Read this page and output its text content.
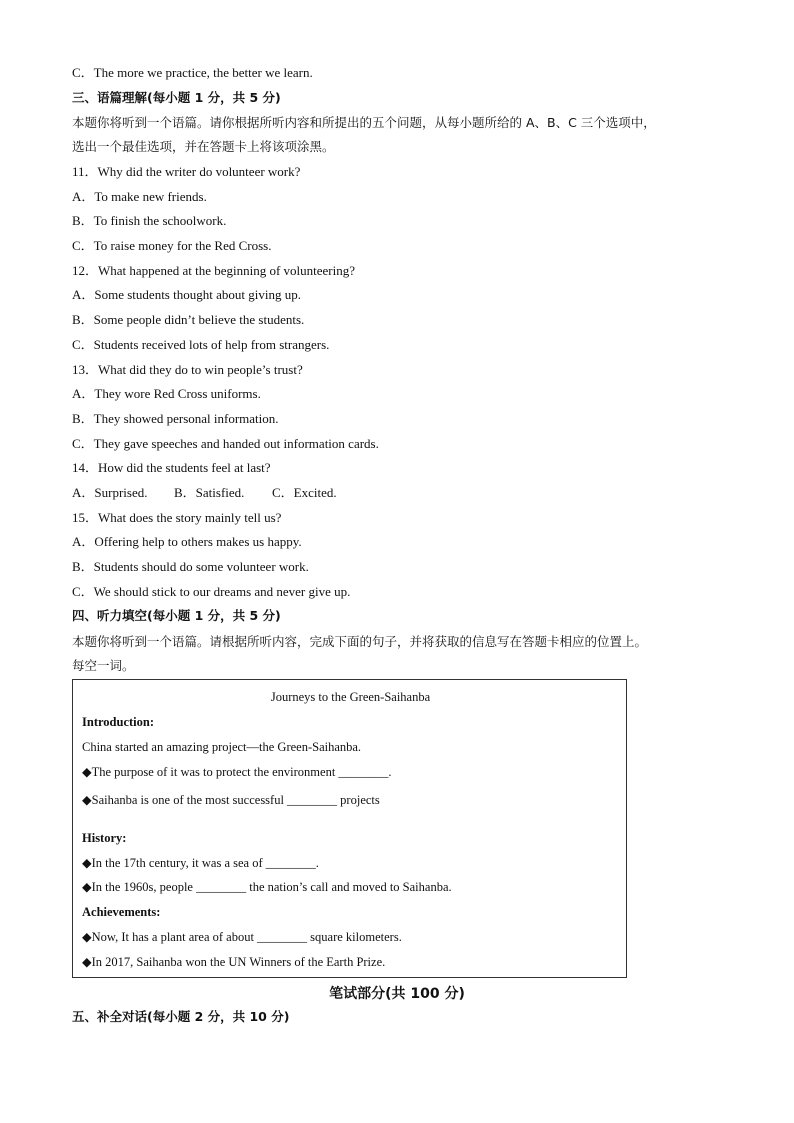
C．The more we practice, the better we learn.
三、语篇理解(每小题 1 分，共 5 分)
本题你将听到一个语篇。请你根据所听内容和所提出的五个问题，从每小题所给的 A、B、C 三个选项中，
选出一个最佳选项，并在答题卡上将该项涂黑。
11．Why did the writer do volunteer work?
A．To make new friends.
B．To finish the schoolwork.
C．To raise money for the Red Cross.
12．What happened at the beginning of volunteering?
A．Some students thought about giving up.
B．Some people didn’t believe the students.
C．Students received lots of help from strangers.
13．What did they do to win people’s trust?
A．They wore Red Cross uniforms.
B．They showed personal information.
C．They gave speeches and handed out information cards.
14．How did the students feel at last?
A．Surprised. B．Satisfied. C．Excited.
15．What does the story mainly tell us?
A．Offering help to others makes us happy.
B．Students should do some volunteer work.
C．We should stick to our dreams and never give up.
四、听力填空(每小题 1 分，共 5 分)
本题你将听到一个语篇。请根据所听内容，完成下面的句子，并将获取的信息写在答题卡相应的位置上。
每空一词。
Journeys to the Green-Saihanba
Introduction:
China started an amazing project—the Green-Saihanba.
◆The purpose of it was to protect the environment ________.
◆Saihanba is one of the most successful ________ projects
History:
◆In the 17th century, it was a sea of ________.
◆In the 1960s, people ________ the nation’s call and moved to Saihanba.
Achievements:
◆Now, It has a plant area of about ________ square kilometers.
◆In 2017, Saihanba won the UN Winners of the Earth Prize.
笔试部分(共 100 分)
五、补全对话(每小题 2 分，共 10 分)
